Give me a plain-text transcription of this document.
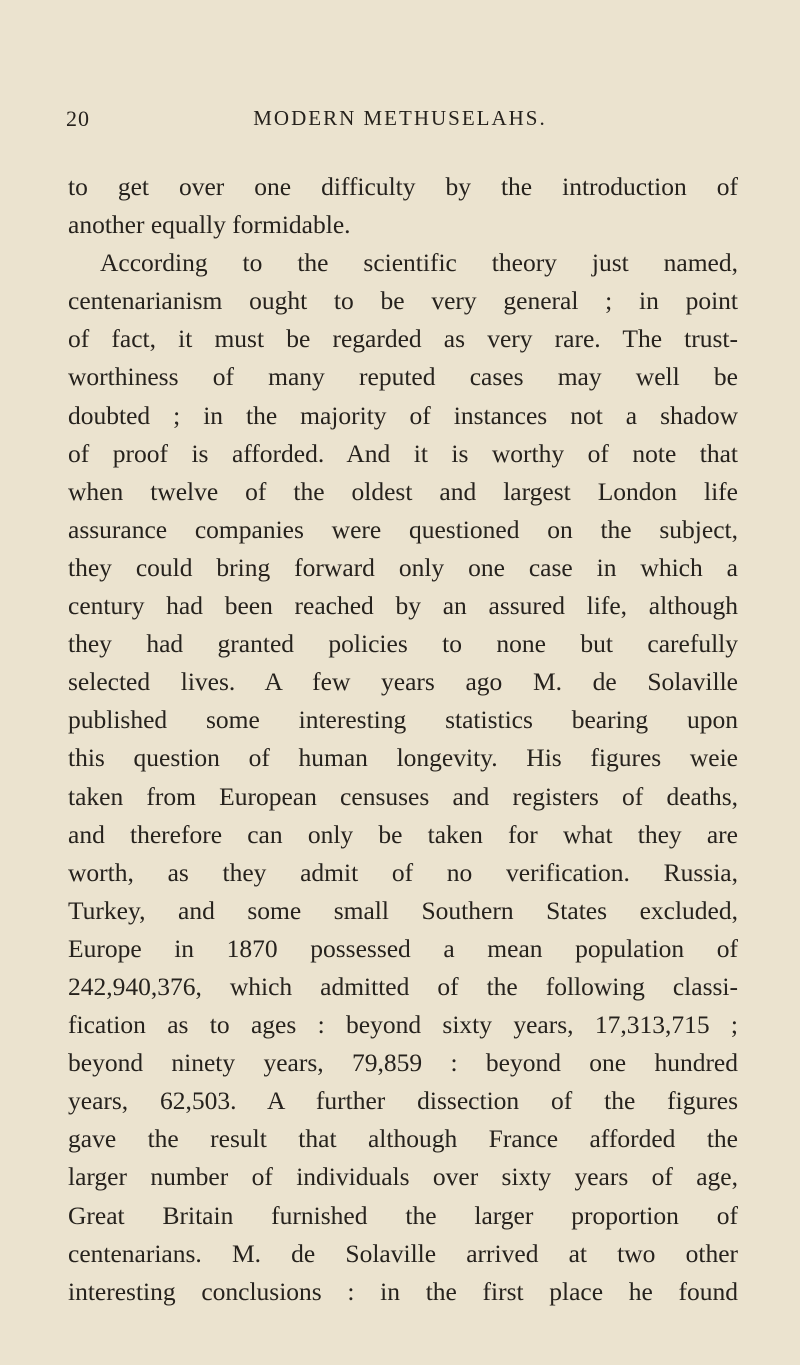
20	MODERN METHUSELAHS.
to get over one difficulty by the introduction of
another equally formidable.
According to the scientific theory just named,
centenarianism ought to be very general ; in point
of fact, it must be regarded as very rare. The trust-
worthiness of many reputed cases may well be
doubted ; in the majority of instances not a shadow
of proof is afforded. And it is worthy of note that
when twelve of the oldest and largest London life
assurance companies were questioned on the subject,
they could bring forward only one case in which a
century had been reached by an assured life, although
they had granted policies to none but carefully
selected lives. A few years ago M. de Solaville
published some interesting statistics bearing upon
this question of human longevity. His figures weie
taken from European censuses and registers of deaths,
and therefore can only be taken for what they are
worth, as they admit of no verification. Russia,
Turkey, and some small Southern States excluded,
Europe in 1870 possessed a mean population of
242,940,376, which admitted of the following classi-
fication as to ages : beyond sixty years, 17,313,715 ;
beyond ninety years, 79,859 : beyond one hundred
years, 62,503. A further dissection of the figures
gave the result that although France afforded the
larger number of individuals over sixty years of age,
Great Britain furnished the larger proportion of
centenarians. M. de Solaville arrived at two other
interesting conclusions : in the first place he found
